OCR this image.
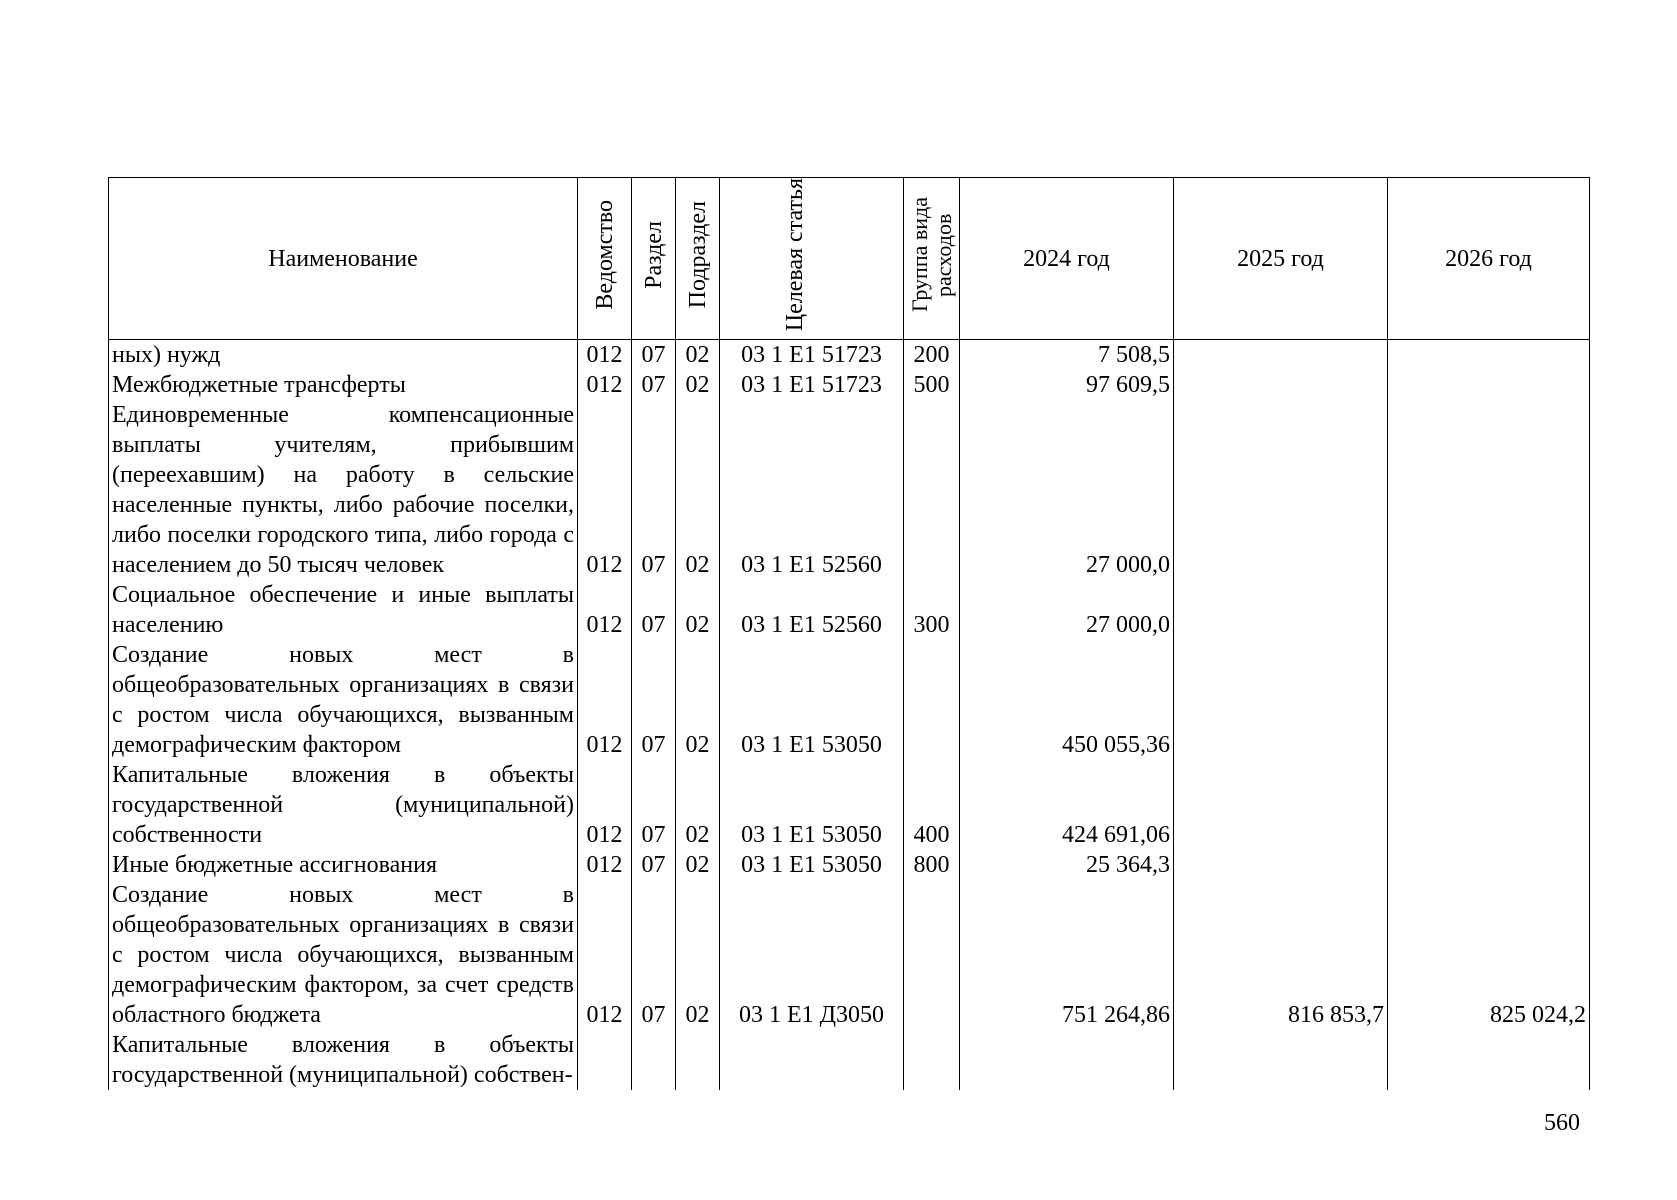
Наименование	Ведомство	Раздел	Подраздел	Целевая статья	Группа вида расходов	2024 год	2025 год	2026 год
ных) нужд	012	07	02	03 1 Е1 51723	200	7 508,5		
Межбюджетные трансферты	012	07	02	03 1 Е1 51723	500	97 609,5		
Единовременные компенсационные выплаты учителям, прибывшим (переехавшим) на работу в сельские населенные пункты, либо рабочие поселки, либо поселки городского типа, либо города с населением до 50 тысяч человек	012	07	02	03 1 Е1 52560		27 000,0		
Социальное обеспечение и иные выплаты населению	012	07	02	03 1 Е1 52560	300	27 000,0		
Создание новых мест в общеобразовательных организациях в связи с ростом числа обучающихся, вызванным демографическим фактором	012	07	02	03 1 Е1 53050		450 055,36		
Капитальные вложения в объекты государственной (муниципальной) собственности	012	07	02	03 1 Е1 53050	400	424 691,06		
Иные бюджетные ассигнования	012	07	02	03 1 Е1 53050	800	25 364,3		
Создание новых мест в общеобразовательных организациях в связи с ростом числа обучающихся, вызванным демографическим фактором, за счет средств областного бюджета	012	07	02	03 1 Е1 Д3050		751 264,86	816 853,7	825 024,2
Капитальные вложения в объекты государственной (муниципальной) собствен-								
560
